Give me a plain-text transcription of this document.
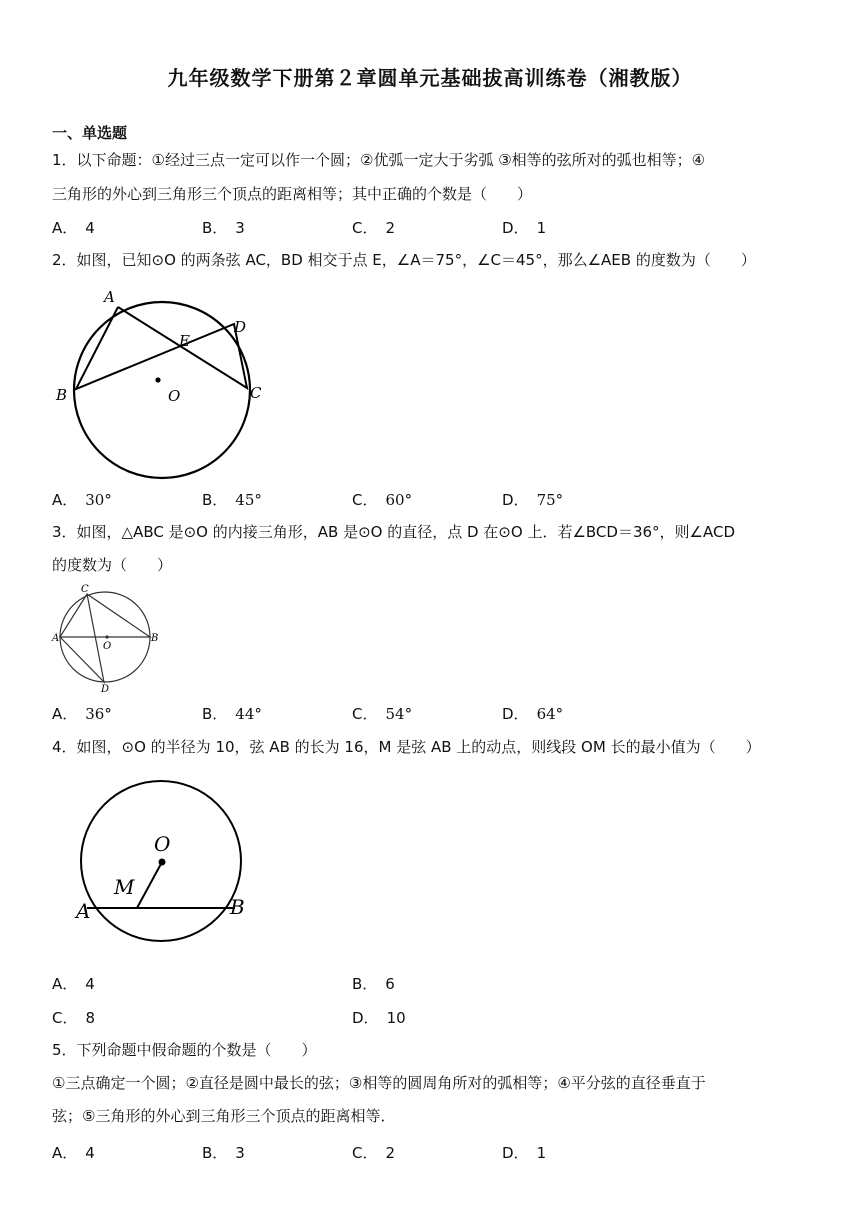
九年级数学下册第２章圆单元基础拔高训练卷（湘教版）
一、单选题
1．以下命题：①经过三点一定可以作一个圆；②优弧一定大于劣弧 ③相等的弦所对的弧也相等；④
三角形的外心到三角形三个顶点的距离相等；其中正确的个数是（　　）
A． 4	B． 3	C． 2	D． 1
2．如图，已知⊙O 的两条弦 AC，BD 相交于点 E，∠A＝75°，∠C＝45°，那么∠AEB 的度数为（　　）
A
B	C
D
E
O
A． 30°	B． 45°	C． 60°	D． 75°
3．如图，△ABC 是⊙O 的内接三角形，AB 是⊙O 的直径，点 D 在⊙O 上．若∠BCD＝36°，则∠ACD
的度数为（　　）
C
A	B
O
D
A． 36°	B． 44°	C． 54°	D． 64°
4．如图，⊙O 的半径为 10，弦 AB 的长为 16，M 是弦 AB 上的动点，则线段 OM 长的最小值为（　　）
O
M
A	B
A． 4	B． 6
C． 8	D． 10
5．下列命题中假命题的个数是（　　）
①三点确定一个圆；②直径是圆中最长的弦；③相等的圆周角所对的弧相等；④平分弦的直径垂直于
弦；⑤三角形的外心到三角形三个顶点的距离相等．
A． 4	B． 3	C． 2	D． 1
